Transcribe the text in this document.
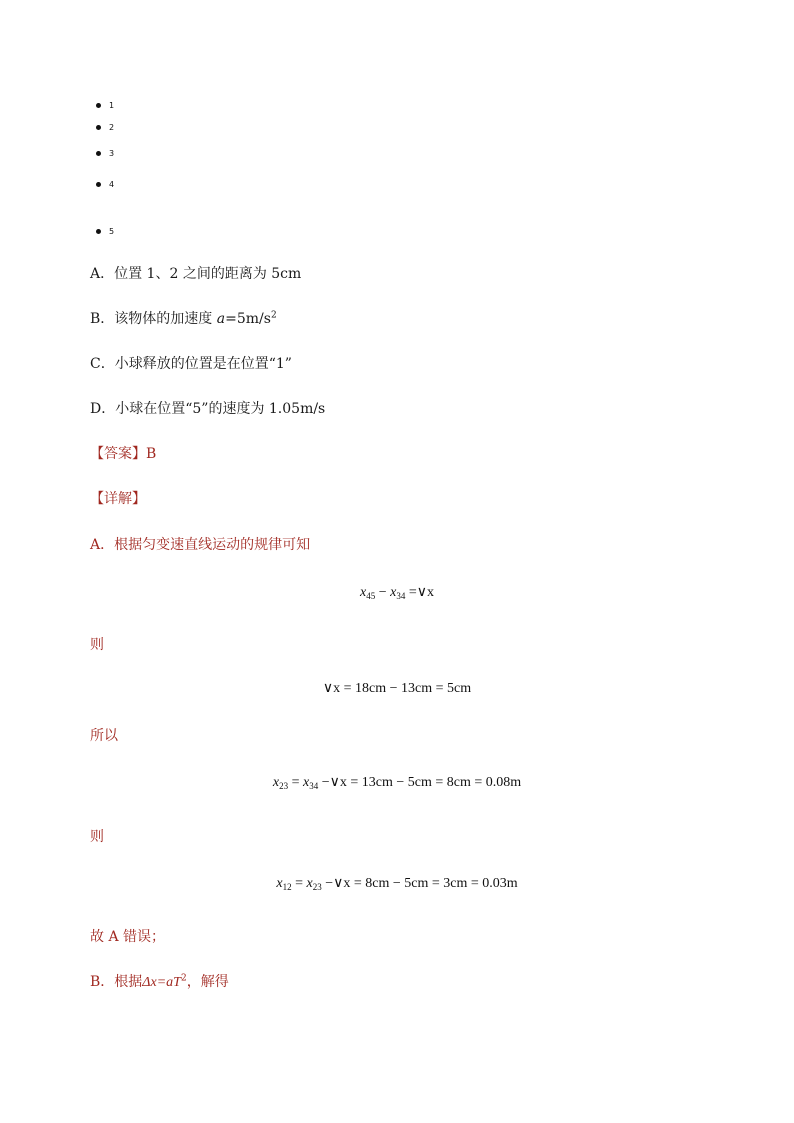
1
2
3
4
5
A．位置 1、2 之间的距离为 5cm
B．该物体的加速度 $a=5m/s^2$
C．小球释放的位置是在位置“1”
D．小球在位置“5”的速度为 1.05m/s
【答案】B
【详解】
A．根据匀变速直线运动的规律可知
$x_{45} - x_{34}$ =∨x
则
∨x = 18cm − 13cm = 5cm
所以
$x_{23} = x_{34}$ −∨x = 13cm − 5cm = 8cm = 0.08m
则
$x_{12} = x_{23}$ −∨x = 8cm − 5cm = 3cm = 0.03m
故 A 错误；
B．根据$\Delta x=aT^2$，解得
